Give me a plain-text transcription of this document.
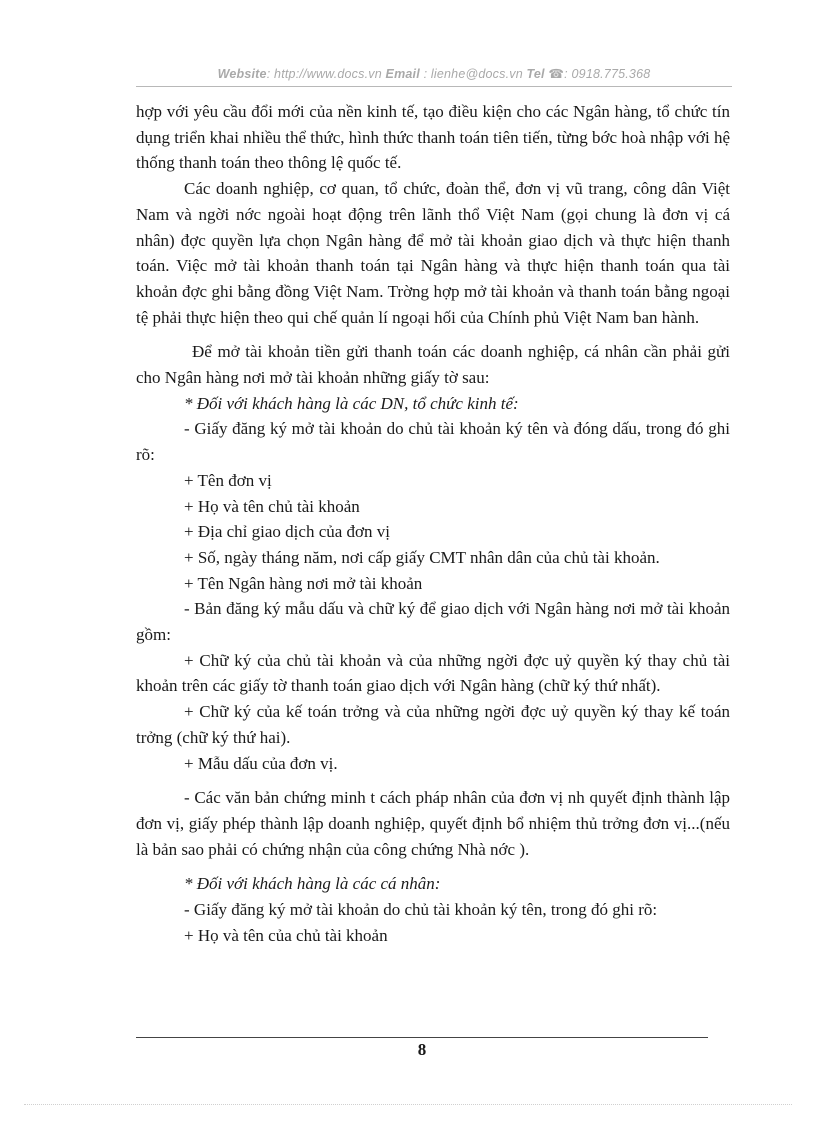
Website: http://www.docs.vn Email : lienhe@docs.vn Tel ☎: 0918.775.368

hợp với yêu cầu đổi mới của nền kinh tế, tạo điều kiện cho các Ngân hàng, tổ chức tín dụng triển khai nhiều thể thức, hình thức thanh toán tiên tiến, từng bớc hoà nhập với hệ thống thanh toán theo thông lệ quốc tế.

Các doanh nghiệp, cơ quan, tổ chức, đoàn thể, đơn vị vũ trang, công dân Việt Nam và ngời nớc ngoài hoạt động trên lãnh thổ Việt Nam (gọi chung là đơn vị cá nhân) đợc quyền lựa chọn Ngân hàng để mở tài khoản giao dịch và thực hiện thanh toán. Việc mở tài khoản thanh toán tại Ngân hàng và thực hiện thanh toán qua tài khoản đợc ghi bằng đồng Việt Nam. Trờng hợp mở tài khoản và thanh toán bằng ngoại tệ phải thực hiện theo qui chế quản lí ngoại hối của Chính phủ Việt Nam ban hành.

Để mở tài khoản tiền gửi thanh toán các doanh nghiệp, cá nhân cần phải gửi cho Ngân hàng nơi mở tài khoản những giấy tờ sau:

* Đối với khách hàng là các DN, tổ chức kinh tế:

- Giấy đăng ký mở tài khoản do chủ tài khoản ký tên và đóng dấu, trong đó ghi rõ:

+ Tên đơn vị

+ Họ và tên chủ tài khoản

+ Địa chỉ giao dịch của đơn vị

+ Số, ngày tháng năm, nơi cấp giấy CMT nhân dân của chủ tài khoản.

+ Tên Ngân hàng nơi mở tài khoản

- Bản đăng ký mẫu dấu và chữ ký để giao dịch với Ngân hàng nơi mở tài khoản gồm:

+ Chữ ký của chủ tài khoản và của những ngời đợc uỷ quyền ký thay chủ tài khoản trên các giấy tờ thanh toán giao dịch với Ngân hàng (chữ ký thứ nhất).

+ Chữ ký của kế toán trởng và của những ngời đợc uỷ quyền ký thay kế toán trởng (chữ ký thứ hai).

+ Mẫu dấu của đơn vị.

- Các văn bản chứng minh t cách pháp nhân của đơn vị nh quyết định thành lập đơn vị, giấy phép thành lập doanh nghiệp, quyết định bổ nhiệm thủ trởng đơn vị...(nếu là bản sao phải có chứng nhận của công chứng Nhà nớc ).

* Đối với khách hàng là các cá nhân:

- Giấy đăng ký mở tài khoản do chủ tài khoản ký tên, trong đó ghi rõ:

+ Họ và tên của chủ tài khoản

8
